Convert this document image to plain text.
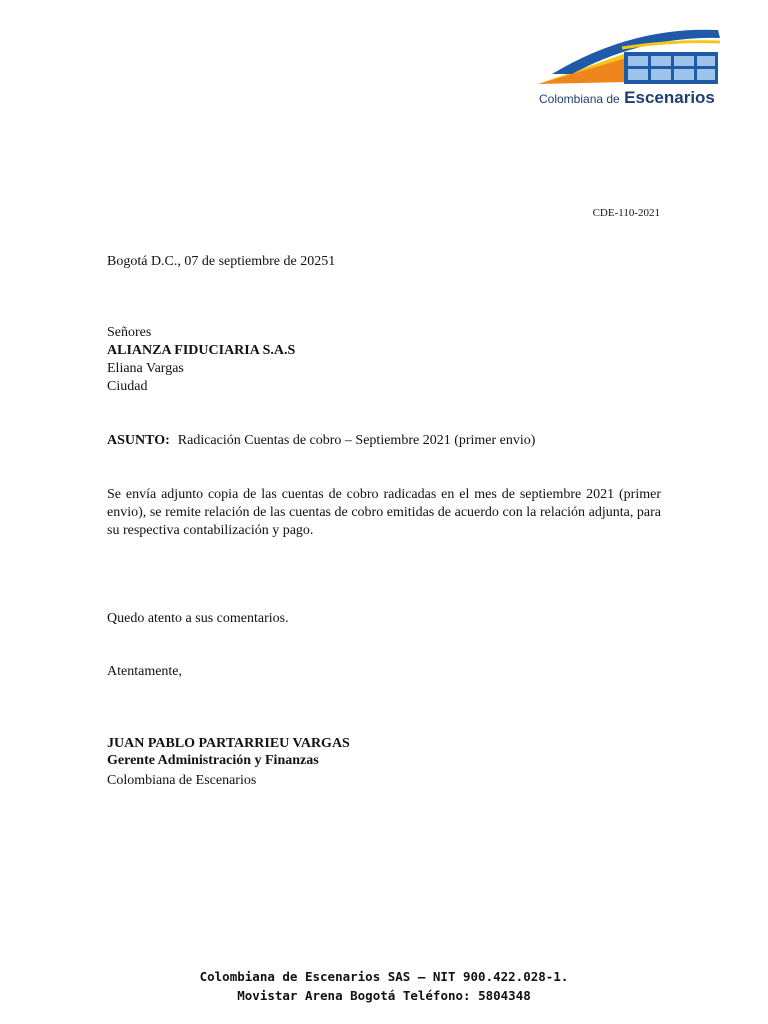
Colombiana de Escenarios
CDE-110-2021
Bogotá D.C., 07 de septiembre de 20251
Señores
ALIANZA FIDUCIARIA S.A.S
Eliana Vargas
Ciudad
ASUNTO: Radicación Cuentas de cobro – Septiembre 2021 (primer envio)
Se envía adjunto copia de las cuentas de cobro radicadas en el mes de septiembre 2021 (primer envio), se remite relación de las cuentas de cobro emitidas de acuerdo con la relación adjunta, para su respectiva contabilización y pago.
Quedo atento a sus comentarios.
Atentamente,
JUAN PABLO PARTARRIEU VARGAS
Gerente Administración y Finanzas
Colombiana de Escenarios
Colombiana de Escenarios SAS – NIT 900.422.028-1.
Movistar Arena Bogotá Teléfono: 5804348
